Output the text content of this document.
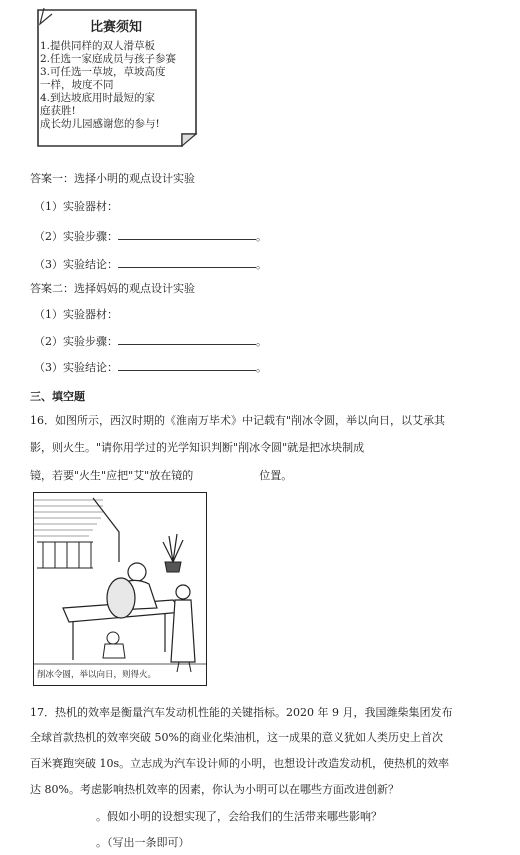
比赛须知
1.提供同样的双人滑草板
2.任选一家庭成员与孩子参赛
3.可任选一草坡，草坡高度
一样，坡度不同
4.到达坡底用时最短的家
庭获胜!
成长幼儿园感谢您的参与!
答案一：选择小明的观点设计实验
（1）实验器材：
（2）实验步骤：	。
（3）实验结论：	。
答案二：选择妈妈的观点设计实验
（1）实验器材：
（2）实验步骤：	。
（3）实验结论：	。
三、填空题
16．如图所示，西汉时期的《淮南万毕术》中记载有"削冰令圆，举以向日，以艾承其
影，则火生。"请你用学过的光学知识判断"削冰令圆"就是把冰块制成
镜，若要"火生"应把"艾"放在镜的	位置。
削冰令圆，举以向日，则得火。
17．热机的效率是衡量汽车发动机性能的关键指标。2020 年 9 月，我国潍柴集团发布
全球首款热机的效率突破 50%的商业化柴油机，这一成果的意义犹如人类历史上首次
百米赛跑突破 10s。立志成为汽车设计师的小明，也想设计改造发动机，使热机的效率
达 80%。考虑影响热机效率的因素，你认为小明可以在哪些方面改进创新？
。假如小明的设想实现了，会给我们的生活带来哪些影响？
。（写出一条即可）
